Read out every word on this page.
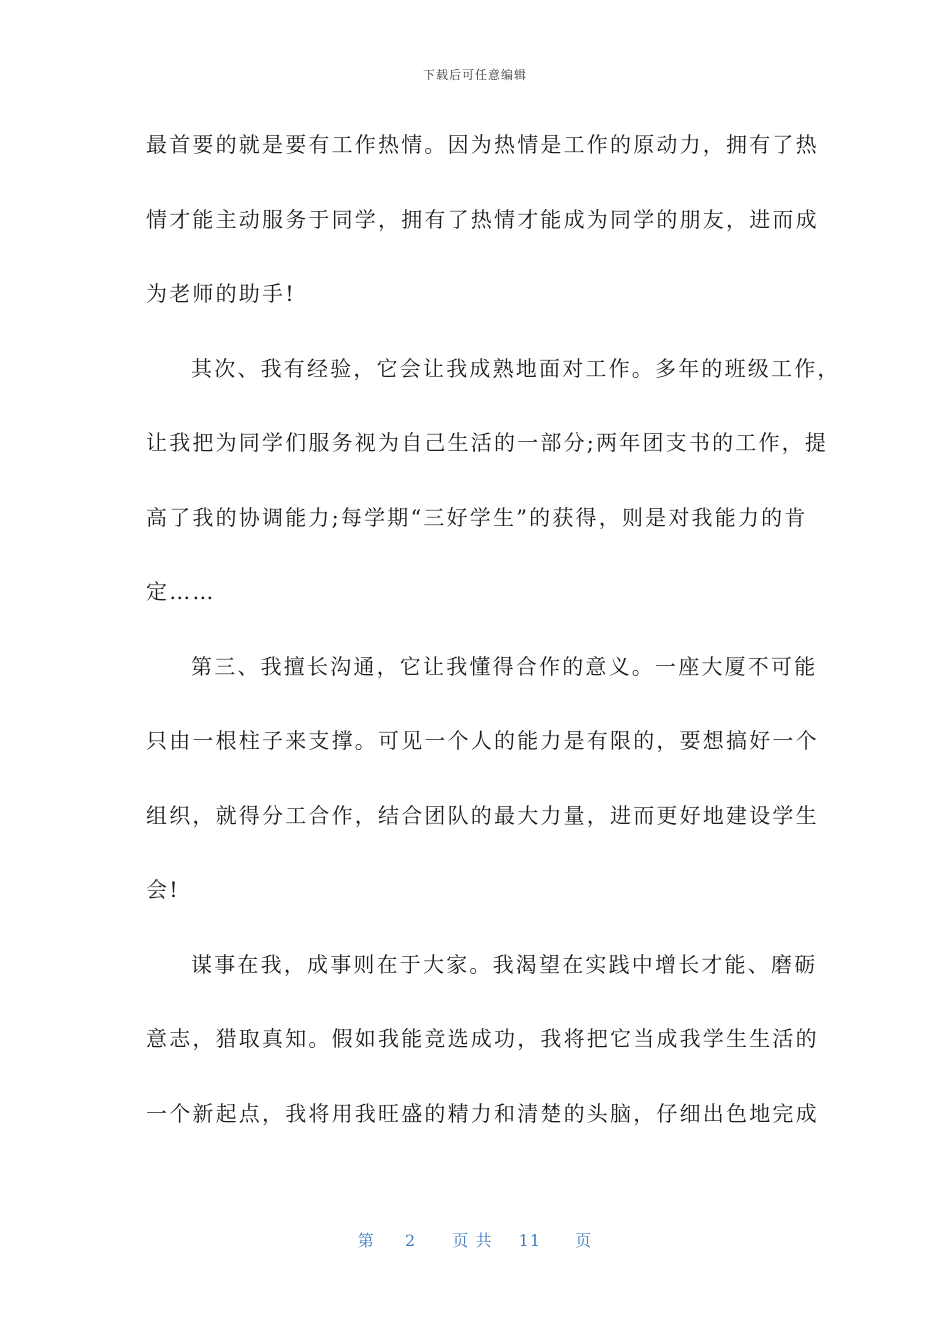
下载后可任意编辑
最首要的就是要有工作热情。因为热情是工作的原动力，拥有了热
情才能主动服务于同学，拥有了热情才能成为同学的朋友，进而成
为老师的助手!
其次、我有经验，它会让我成熟地面对工作。多年的班级工作，
让我把为同学们服务视为自己生活的一部分;两年团支书的工作，提
高了我的协调能力;每学期“三好学生”的获得，则是对我能力的肯
定……
第三、我擅长沟通，它让我懂得合作的意义。一座大厦不可能
只由一根柱子来支撑。可见一个人的能力是有限的，要想搞好一个
组织，就得分工合作，结合团队的最大力量，进而更好地建设学生
会!
谋事在我，成事则在于大家。我渴望在实践中增长才能、磨砺
意志，猎取真知。假如我能竞选成功，我将把它当成我学生生活的
一个新起点，我将用我旺盛的精力和清楚的头脑，仔细出色地完成
第 2 页 共 11 页
